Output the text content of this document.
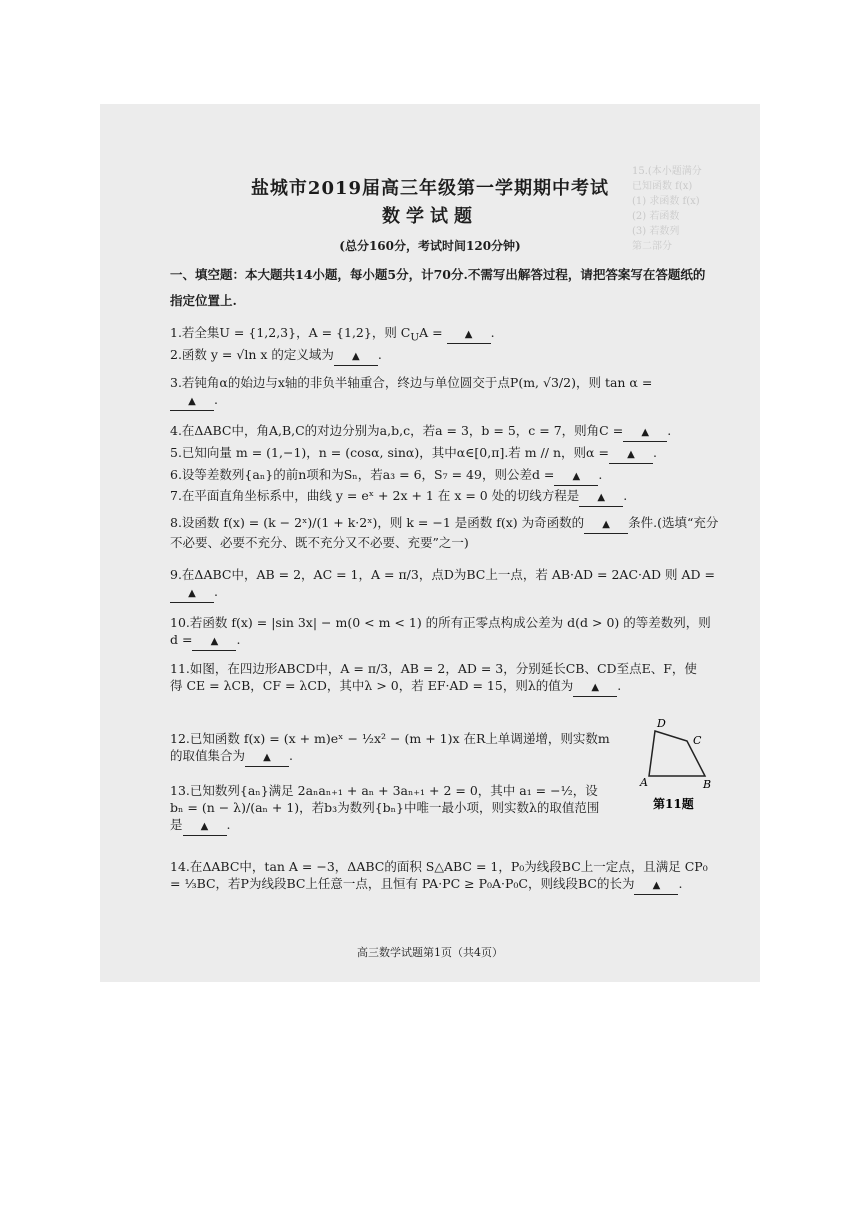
15.(本小题满分
已知函数 f(x)
(1) 求函数 f(x)
(2) 若函数
(3) 若数列
第二部分
盐城市2019届高三年级第一学期期中考试
数学试题
(总分160分，考试时间120分钟)
一、填空题：本大题共14小题，每小题5分，计70分.不需写出解答过程，请把答案写在答题纸的指定位置上.
1.若全集U = {1,2,3}，A = {1,2}，则 $C_UA$ = ▲ .
2.函数 y = √ln x 的定义域为 ▲ .
3.若钝角α的始边与x轴的非负半轴重合，终边与单位圆交于点P(m, √3/2)，则 tan α =
▲ .
4.在ΔABC中，角A,B,C的对边分别为a,b,c，若a = 3，b = 5，c = 7，则角C = ▲ .
5.已知向量 m = (1,−1)，n = (cosα, sinα)，其中α∈[0,π].若 m // n，则α = ▲ .
6.设等差数列{aₙ}的前n项和为Sₙ，若a₃ = 6，S₇ = 49，则公差d = ▲ .
7.在平面直角坐标系中，曲线 y = eˣ + 2x + 1 在 x = 0 处的切线方程是 ▲ .
8.设函数 f(x) = (k − 2ˣ)/(1 + k·2ˣ)，则 k = −1 是函数 f(x) 为奇函数的 ▲ 条件.(选填“充分不必要、必要不充分、既不充分又不必要、充要”之一)
9.在ΔABC中，AB = 2，AC = 1，A = π/3，点D为BC上一点，若 AB·AD = 2AC·AD 则 AD =▲ .
10.若函数 f(x) = |sin 3x| − m(0 < m < 1) 的所有正零点构成公差为 d(d > 0) 的等差数列，则 d = ▲ .
11.如图，在四边形ABCD中，A = π/3，AB = 2，AD = 3，分别延长CB、CD至点E、F，使得 CE = λCB，CF = λCD，其中λ > 0，若 EF·AD = 15，则λ的值为 ▲ .
12.已知函数 f(x) = (x + m)eˣ − ½x² − (m + 1)x 在R上单调递增，则实数m的取值集合为 ▲ .
13.已知数列{aₙ}满足 2aₙaₙ₊₁ + aₙ + 3aₙ₊₁ + 2 = 0，其中 a₁ = −½，设 bₙ = (n − λ)/(aₙ + 1)，若b₃为数列{bₙ}中唯一最小项，则实数λ的取值范围是 ▲ .
14.在ΔABC中，tan A = −3，ΔABC的面积 S△ABC = 1，P₀为线段BC上一定点，且满足 CP₀ = ⅓BC，若P为线段BC上任意一点，且恒有 PA·PC ≥ P₀A·P₀C，则线段BC的长为 ▲ .
D
C
A	B
第11题
高三数学试题第1页（共4页）
